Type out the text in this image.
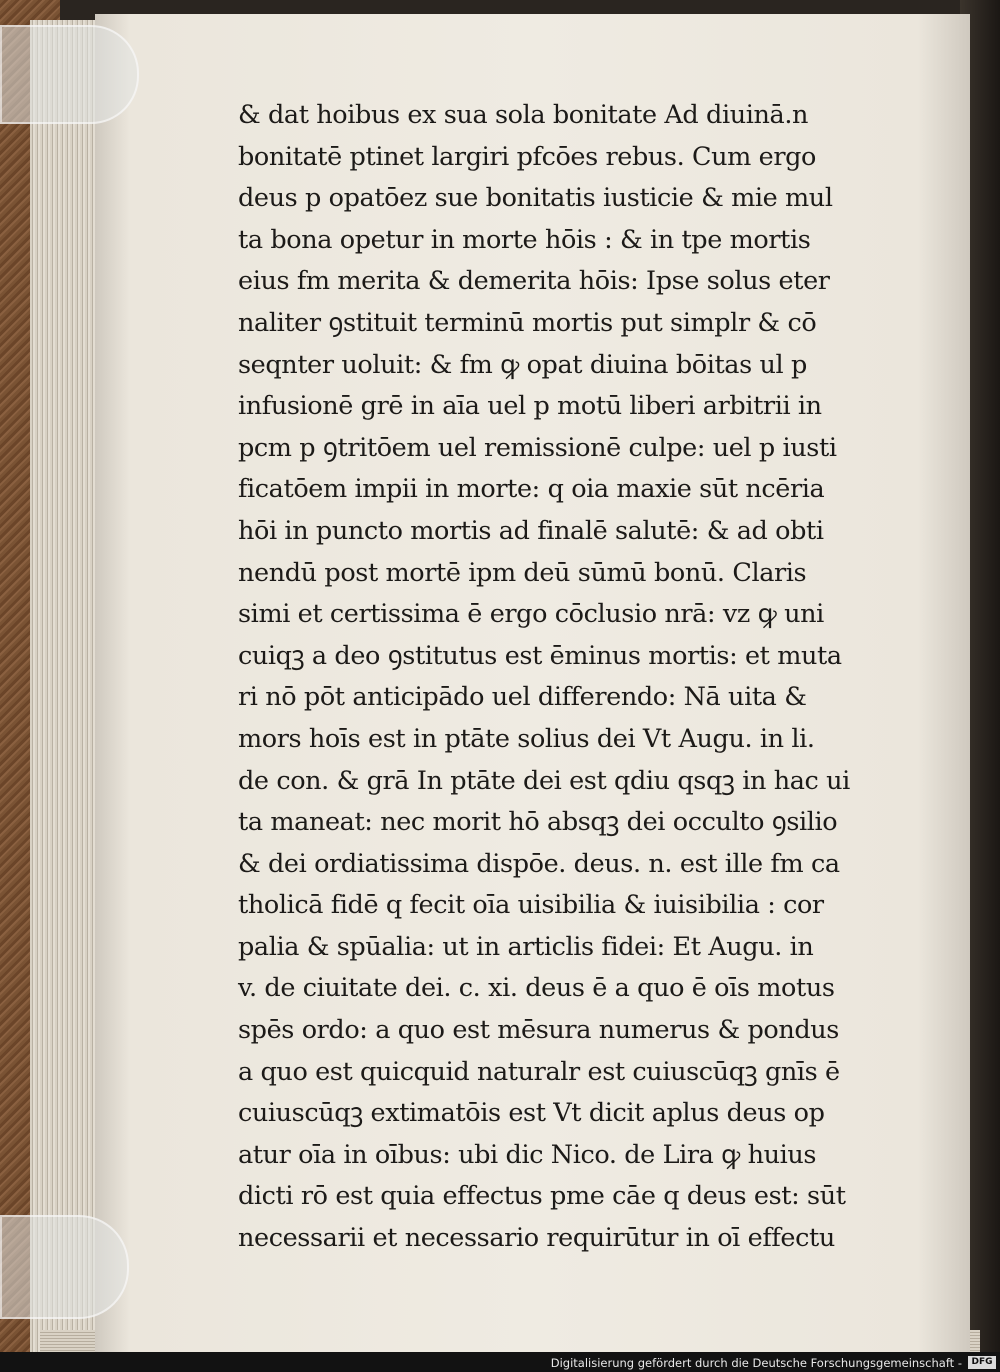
& dat hoibus ex sua sola bonitate Ad diuinā.n
bonitatē ptinet largiri pfcōes rebus. Cum ergo
deus p opatōez sue bonitatis iusticie & mie mul
ta bona opetur in morte hōis : & in tpe mortis
eius fm merita & demerita hōis: Ipse solus eter
naliter ꝯstituit terminū mortis put simplr & cō
seqnter uoluit: & fm ꝙ opat diuina bōitas ul p
infusionē grē in aīa uel p motū liberi arbitrii in
pcm p ꝯtritōem uel remissionē culpe: uel p iusti
ficatōem impii in morte: q oia maxie sūt ncēria
hōi in puncto mortis ad finalē salutē: & ad obti
nendū post mortē ipm deū sūmū bonū. Claris
simi et certissima ē ergo cōclusio nrā: vz ꝙ uni
cuiqꝫ a deo ꝯstitutus est ēminus mortis: et muta
ri nō pōt anticipādo uel differendo: Nā uita &
mors hoīs est in ptāte solius dei Vt Augu. in li.
de con. & grā In ptāte dei est qdiu qsqꝫ in hac ui
ta maneat: nec morit hō absqꝫ dei occulto ꝯsilio
& dei ordiatissima dispōe. deus. n. est ille fm ca
tholicā fidē q fecit oīa uisibilia & iuisibilia : cor
palia & spūalia: ut in articlis fidei: Et Augu. in
v. de ciuitate dei. c. xi. deus ē a quo ē oīs motus
spēs ordo: a quo est mēsura numerus & pondus
a quo est quicquid naturalr est cuiuscūqꝫ gnīs ē
cuiuscūqꝫ extimatōis est Vt dicit aplus deus op
atur oīa in oībus: ubi dic Nico. de Lira ꝙ huius
dicti rō est quia effectus pme cāe q deus est: sūt
necessarii et necessario requirūtur in oī effectu
Digitalisierung gefördert durch die Deutsche Forschungsgemeinschaft -	DFG
